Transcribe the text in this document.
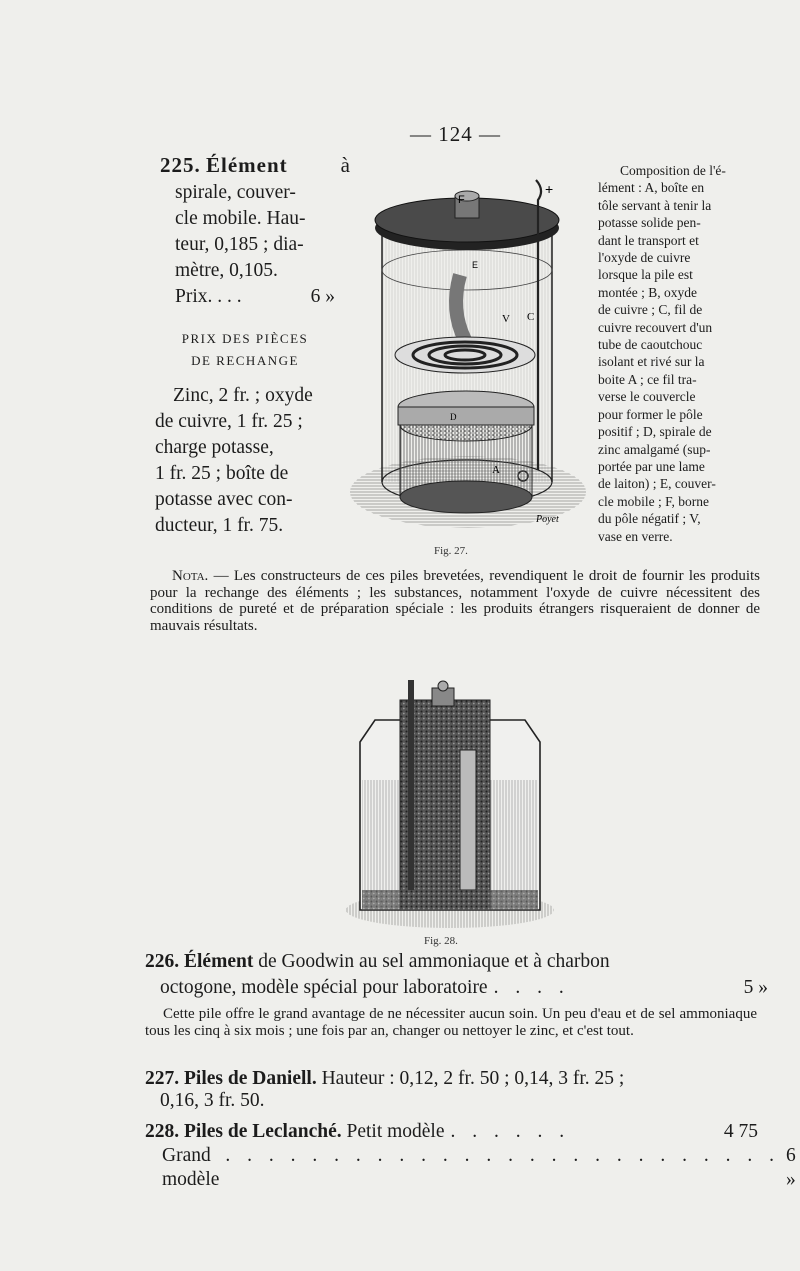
— 124 —
225. Élément	à
spirale, couver-
cle mobile. Hau-
teur, 0,185 ; dia-
mètre, 0,105.
Prix. . . .	6 »
PRIX DES PIÈCES
DE RECHANGE
Zinc, 2 fr. ; oxyde
de cuivre, 1 fr. 25 ;
charge potasse,
1 fr. 25 ; boîte de
potasse avec con-
ducteur, 1 fr. 75.
F
+
E
V C
D
A
Poyet
Fig. 27.
Composition de l'é-
lément : A, boîte en
tôle servant à tenir la
potasse solide pen-
dant le transport et
l'oxyde de cuivre
lorsque la pile est
montée ; B, oxyde
de cuivre ; C, fil de
cuivre recouvert d'un
tube de caoutchouc
isolant et rivé sur la
boite A ; ce fil tra-
verse le couvercle
pour former le pôle
positif ; D, spirale de
zinc amalgamé (sup-
portée par une lame
de laiton) ; E, couver-
cle mobile ; F, borne
du pôle négatif ; V,
vase en verre.
Nota. — Les constructeurs de ces piles brevetées, revendiquent le droit de fournir les produits pour la rechange des éléments ; les substances, notamment l'oxyde de cuivre nécessitent des conditions de pureté et de préparation spéciale : les produits étrangers risqueraient de donner de mauvais résultats.
Fig. 28.
226. Élément de Goodwin au sel ammoniaque et à charbon
octogone, modèle spécial pour laboratoire . . . .	5 »
Cette pile offre le grand avantage de ne nécessiter aucun soin. Un peu d'eau et de sel ammoniaque tous les cinq à six mois ; une fois par an, changer ou nettoyer le zinc, et c'est tout.
227. Piles de Daniell. Hauteur : 0,12, 2 fr. 50 ; 0,14, 3 fr. 25 ;
0,16, 3 fr. 50.
228. Piles de Leclanché. Petit modèle . . . . . .	4 75
Grand modèle
. . . . . . . . . . . . . . . . . . . . . . . . . . 6 »
